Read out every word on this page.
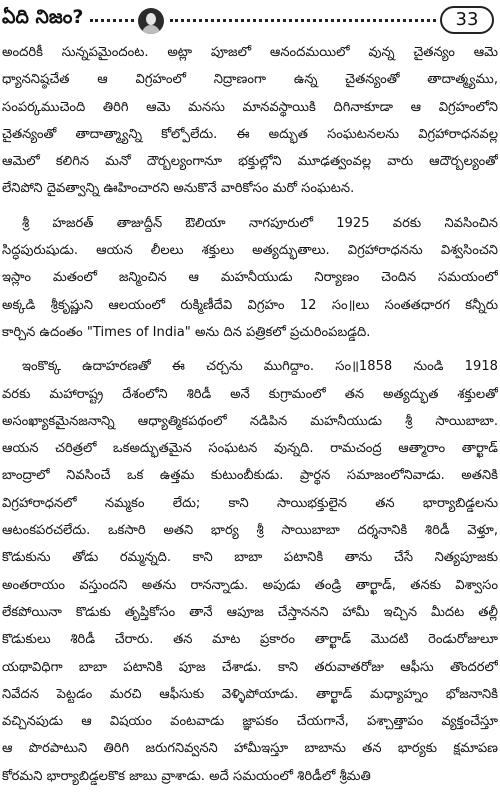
ఏది నిజం?	33
అందరికీ సున్నపమైందంట. అట్లా పూజలో ఆనందమయిలో వున్న చైతన్యం ఆమె
ధ్యాననిష్ఠచేత ఆ విగ్రహంలో నిద్రాణంగా ఉన్న చైతన్యంతో తాదాత్మ్యము,
సంపర్కముచెంది తిరిగి ఆమె మనసు మానవస్థాయికి దిగినాకూడా ఆ విగ్రహంలోని
చైతన్యంతో తాదాత్మ్యాన్ని కోల్పోలేదు. ఈ అద్భుత సంఘటనలను విగ్రహారాధనవల్ల
ఆమెలో కలిగిన మనో దౌర్బల్యంగానూ భక్తుల్లోని మూఢత్వంవల్ల వారు ఆదౌర్బల్యంతో
లేనిపోని దైవత్వాన్ని ఊహించారని అనుకొనే వారికోసం మరో సంఘటన.
శ్రీ హజరత్ తాజుద్దీన్ ఔలియా నాగపూరులో 1925 వరకు నివసించిన
సిద్ధపురుషుడు. ఆయన లీలలు శక్తులు అత్యద్భుతాలు. విగ్రహారాధనను విశ్వసించని
ఇస్లాం మతంలో జన్మించిన ఆ మహనీయుడు నిర్యాణం చెందిన సమయంలో
అక్కడి శ్రీకృష్ణుని ఆలయంలో రుక్మిణీదేవి విగ్రహం 12 సం॥లు సంతతధారగ కన్నీరు
కార్చిన ఉదంతం "Times of India" అను దిన పత్రికలో ప్రచురింపబడ్డది.
ఇంకొక్క ఉదాహరణతో ఈ చర్చను ముగిద్దాం. సం॥1858 నుండి 1918
వరకు మహారాష్ట్ర దేశంలోని శిరిడీ అనే కుగ్రామంలో తన అత్యద్భుత శక్తులతో
అసంఖ్యాకమైనజనాన్ని ఆధ్యాత్మికపథంలో నడిపిన మహనీయుడు శ్రీ సాయిబాబా.
ఆయన చరిత్రలో ఒకఅద్భుతమైన సంఘటన వున్నది. రామచంద్ర ఆత్మారాం తార్ఖాడ్
బాంద్రాలో నివసించే ఒక ఉత్తమ కుటుంబీకుడు. ప్రార్థన సమాజంలోనివాడు. అతనికి
విగ్రహారాధనలో నమ్మకం లేదు; కాని సాయిభక్తులైన తన భార్యాబిడ్డలను
ఆటంకపరచలేదు. ఒకసారి అతని భార్య శ్రీ సాయిబాబా దర్శనానికి శిరిడీ వెళ్తూ,
కొడుకును తోడు రమ్మన్నది. కాని బాబా పటానికి తాను చేసే నిత్యపూజకు
అంతరాయం వస్తుందని అతను రానన్నాడు. అపుడు తండ్రి తార్ఖాడ్, తనకు విశ్వాసం
లేకపోయినా కొడుకు తృప్తికోసం తానే ఆపూజ చేస్తాననని హామీ ఇచ్చిన మీదట తల్లీ
కొడుకులు శిరిడీ చేరారు. తన మాట ప్రకారం తార్ఖాడ్ మొదటి రెండురోజులూ
యథావిధిగా బాబా పటానికి పూజ చేశాడు. కాని తరువాతరోజు ఆఫీసు తొందరలో
నివేదన పెట్టడం మరచి ఆఫీసుకు వెళ్ళిపోయాడు. తార్ఖాడ్ మధ్యాహ్నం భోజనానికి
వచ్చినపుడు ఆ విషయం వంటవాడు జ్ఞాపకం చేయగానే, పశ్చాత్తాపం వ్యక్తంచేస్తూ
ఆ పొరపాటుని తిరిగి జరుగనివ్వనని హామీఇస్తూ బాబాను తన భార్యకు క్షమాపణ
కోరమని భార్యాబిడ్డలకొక జాబు వ్రాశాడు. అదే సమయంలో శిరిడీలో శ్రీమతి
